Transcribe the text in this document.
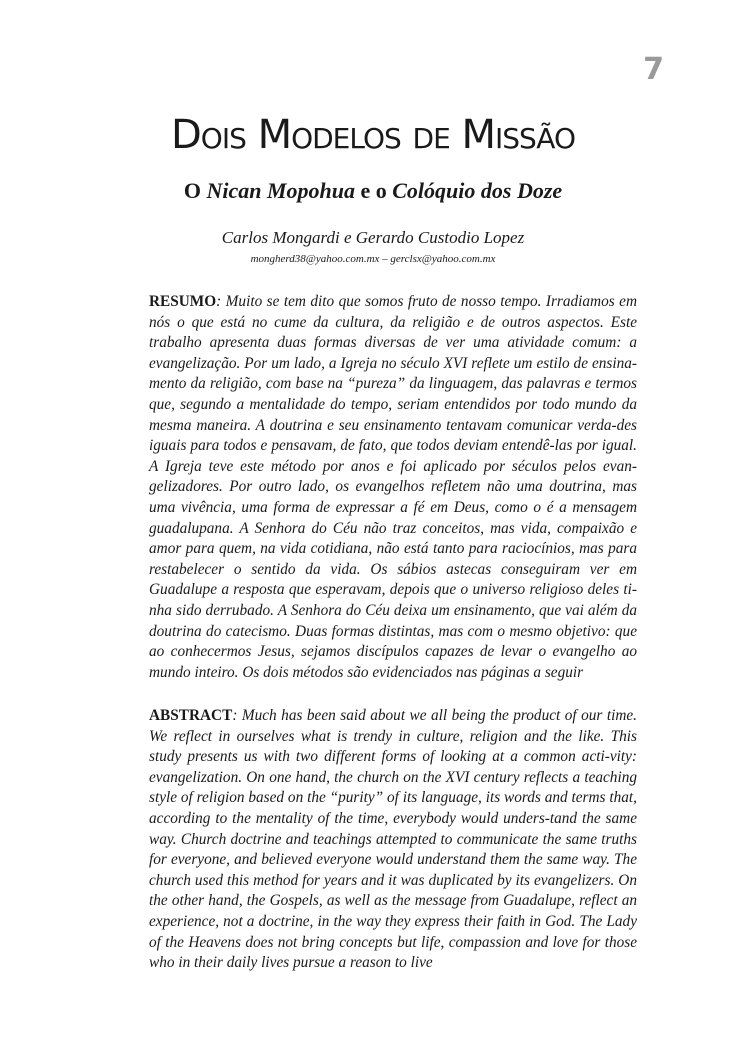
7
Dois Modelos de Missão
O Nican Mopohua e o Colóquio dos Doze
Carlos Mongardi e Gerardo Custodio Lopez
mongherd38@yahoo.com.mx – gerclsx@yahoo.com.mx
RESUMO: Muito se tem dito que somos fruto de nosso tempo. Irradiamos em nós o que está no cume da cultura, da religião e de outros aspectos. Este trabalho apresenta duas formas diversas de ver uma atividade comum: a evangelização. Por um lado, a Igreja no século XVI reflete um estilo de ensina-mento da religião, com base na “pureza” da linguagem, das palavras e termos que, segundo a mentalidade do tempo, seriam entendidos por todo mundo da mesma maneira. A doutrina e seu ensinamento tentavam comunicar verda-des iguais para todos e pensavam, de fato, que todos deviam entendê-las por igual. A Igreja teve este método por anos e foi aplicado por séculos pelos evan-gelizadores. Por outro lado, os evangelhos refletem não uma doutrina, mas uma vivência, uma forma de expressar a fé em Deus, como o é a mensagem guadalupana. A Senhora do Céu não traz conceitos, mas vida, compaixão e amor para quem, na vida cotidiana, não está tanto para raciocínios, mas para restabelecer o sentido da vida. Os sábios astecas conseguiram ver em Guadalupe a resposta que esperavam, depois que o universo religioso deles ti-nha sido derrubado. A Senhora do Céu deixa um ensinamento, que vai além da doutrina do catecismo. Duas formas distintas, mas com o mesmo objetivo: que ao conhecermos Jesus, sejamos discípulos capazes de levar o evangelho ao mundo inteiro. Os dois métodos são evidenciados nas páginas a seguir
ABSTRACT: Much has been said about we all being the product of our time. We reflect in ourselves what is trendy in culture, religion and the like. This study presents us with two different forms of looking at a common acti-vity: evangelization. On one hand, the church on the XVI century reflects a teaching style of religion based on the “purity” of its language, its words and terms that, according to the mentality of the time, everybody would unders-tand the same way. Church doctrine and teachings attempted to communicate the same truths for everyone, and believed everyone would understand them the same way. The church used this method for years and it was duplicated by its evangelizers. On the other hand, the Gospels, as well as the message from Guadalupe, reflect an experience, not a doctrine, in the way they express their faith in God. The Lady of the Heavens does not bring concepts but life, compassion and love for those who in their daily lives pursue a reason to live
